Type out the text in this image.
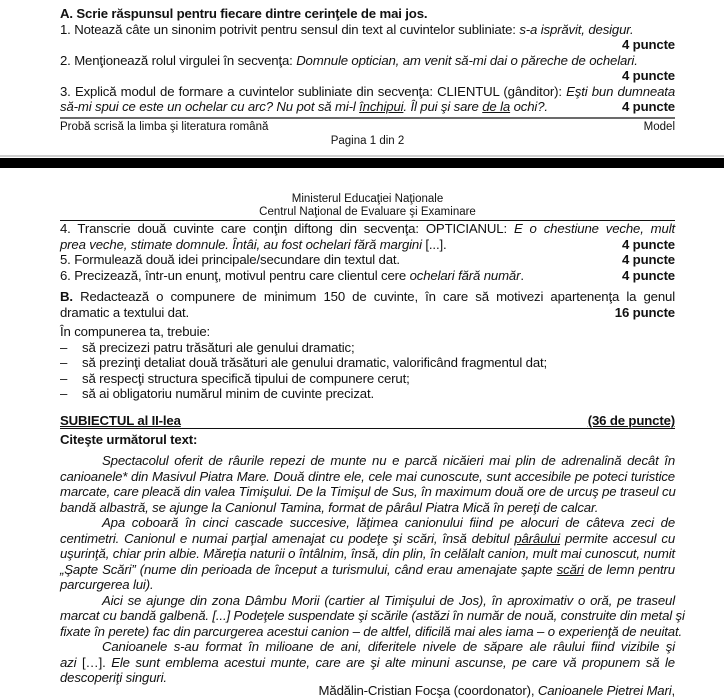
A. Scrie răspunsul pentru fiecare dintre cerinţele de mai jos.
1. Notează câte un sinonim potrivit pentru sensul din text al cuvintelor subliniate: s-a isprăvit, desigur.
4 puncte
2. Menţionează rolul virgulei în secvenţa: Domnule optician, am venit să-mi dai o păreche de ochelari.
4 puncte
3. Explică modul de formare a cuvintelor subliniate din secvenţa: CLIENTUL (gânditor): Eşti bun dumneata
să-mi spui ce este un ochelar cu arc? Nu pot să mi-l închipui. Îl pui şi sare de la ochi?.	4 puncte
Probă scrisă la limba şi literatura română	Model
Pagina 1 din 2
Ministerul Educaţiei Naţionale
Centrul Naţional de Evaluare şi Examinare
4. Transcrie două cuvinte care conţin diftong din secvenţa: OPTICIANUL: E o chestiune veche, mult
prea veche, stimate domnule. Întâi, au fost ochelari fără margini [...].	4 puncte
5. Formulează două idei principale/secundare din textul dat.	4 puncte
6. Precizează, într-un enunţ, motivul pentru care clientul cere ochelari fără număr.	4 puncte
B. Redactează o compunere de minimum 150 de cuvinte, în care să motivezi apartenenţa la genul
dramatic a textului dat.	16 puncte
În compunerea ta, trebuie:
– să precizezi patru trăsături ale genului dramatic;
– să prezinţi detaliat două trăsături ale genului dramatic, valorificând fragmentul dat;
– să respecţi structura specifică tipului de compunere cerut;
– să ai obligatoriu numărul minim de cuvinte precizat.
SUBIECTUL al II-lea	(36 de puncte)
Citeşte următorul text:
Spectacolul oferit de râurile repezi de munte nu e parcă nicăieri mai plin de adrenalină decât în
canioanele* din Masivul Piatra Mare. Două dintre ele, cele mai cunoscute, sunt accesibile pe poteci turistice
marcate, care pleacă din valea Timişului. De la Timişul de Sus, în maximum două ore de urcuş pe traseul cu
bandă albastră, se ajunge la Canionul Tamina, format de pârâul Piatra Mică în pereţi de calcar.
Apa coboară în cinci cascade succesive, lăţimea canionului fiind pe alocuri de câteva zeci de
centimetri. Canionul e numai parţial amenajat cu podeţe şi scări, însă debitul pârâului permite accesul cu
uşurinţă, chiar prin albie. Măreţia naturii o întâlnim, însă, din plin, în celălalt canion, mult mai cunoscut, numit
„Şapte Scări” (nume din perioada de început a turismului, când erau amenajate şapte scări de lemn pentru
parcurgerea lui).
Aici se ajunge din zona Dâmbu Morii (cartier al Timişului de Jos), în aproximativ o oră, pe traseul
marcat cu bandă galbenă. [...] Podeţele suspendate şi scările (astăzi în număr de nouă, construite din metal şi
fixate în perete) fac din parcurgerea acestui canion – de altfel, dificilă mai ales iama – o experienţă de neuitat.
Canioanele s-au format în milioane de ani, diferitele nivele de săpare ale râului fiind vizibile şi
azi […]. Ele sunt emblema acestui munte, care are şi alte minuni ascunse, pe care vă propunem să le
descoperiţi singuri.
Mădălin-Cristian Focşa (coordonator), Canioanele Pietrei Mari,
